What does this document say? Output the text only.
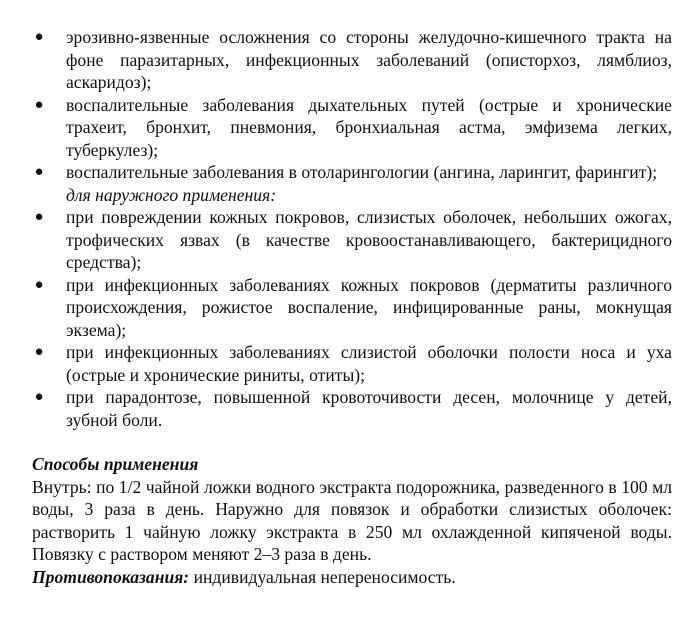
● эрозивно-язвенные осложнения со стороны желудочно-кишечного тракта на фоне паразитарных, инфекционных заболеваний (описторхоз, лямблиоз, аскаридоз);
● воспалительные заболевания дыхательных путей (острые и хронические трахеит, бронхит, пневмония, бронхиальная астма, эмфизема легких, туберкулез);
● воспалительные заболевания в отоларингологии (ангина, ларингит, фарингит);
для наружного применения:
● при повреждении кожных покровов, слизистых оболочек, небольших ожогах, трофических язвах (в качестве кровоостанавливающего, бактерицидного средства);
● при инфекционных заболеваниях кожных покровов (дерматиты различного происхождения, рожистое воспаление, инфицированные раны, мокнущая экзема);
● при инфекционных заболеваниях слизистой оболочки полости носа и уха (острые и хронические риниты, отиты);
● при парадонтозе, повышенной кровоточивости десен, молочнице у детей, зубной боли.
Способы применения

Внутрь: по 1/2 чайной ложки водного экстракта подорожника, разведенного в 100 мл воды, 3 раза в день. Наружно для повязок и обработки слизистых оболочек: растворить 1 чайную ложку экстракта в 250 мл охлажденной кипяченой воды. Повязку с раствором меняют 2–3 раза в день.

Противопоказания: индивидуальная непереносимость.
